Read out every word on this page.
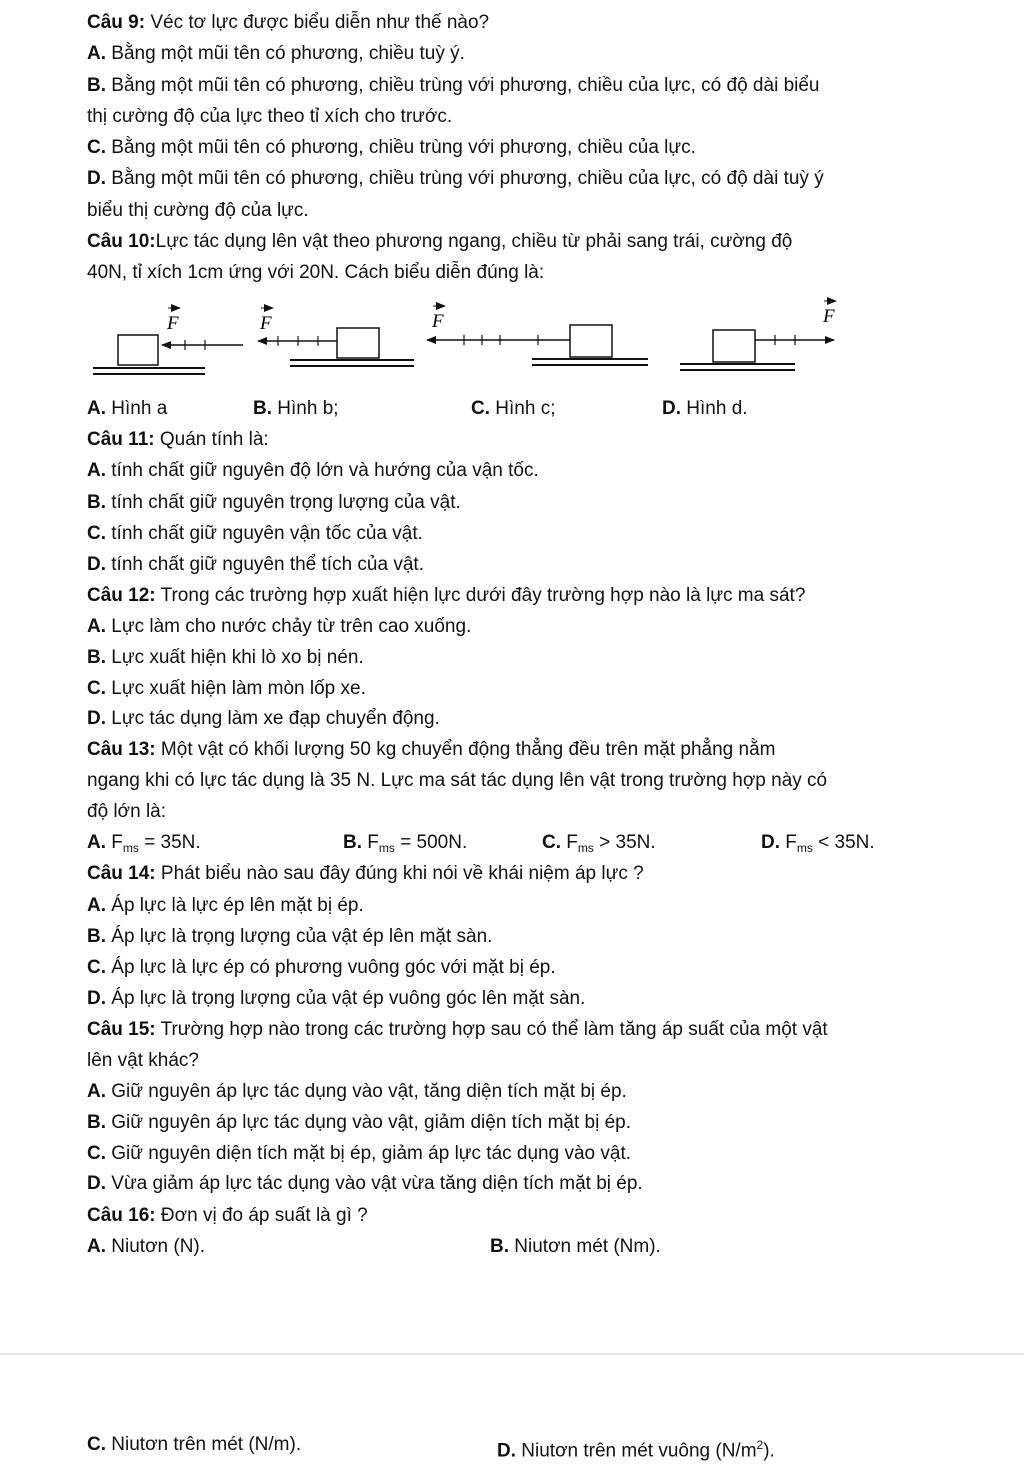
Câu 9: Véc tơ lực được biểu diễn như thế nào?
A. Bằng một mũi tên có phương, chiều tuỳ ý.
B. Bằng một mũi tên có phương, chiều trùng với phương, chiều của lực, có độ dài biểu
thị cường độ của lực theo tỉ xích cho trước.
C. Bằng một mũi tên có phương, chiều trùng với phương, chiều của lực.
D. Bằng một mũi tên có phương, chiều trùng với phương, chiều của lực, có độ dài tuỳ ý
biểu thị cường độ của lực.
Câu 10:Lực tác dụng lên vật theo phương ngang, chiều từ phải sang trái, cường độ
40N, tỉ xích 1cm ứng với 20N. Cách biểu diễn đúng là:
F	F	F	F
A. Hình a	B. Hình b;	C. Hình c;	D. Hình d.
Câu 11: Quán tính là:
A. tính chất giữ nguyên độ lớn và hướng của vận tốc.
B. tính chất giữ nguyên trọng lượng của vật.
C. tính chất giữ nguyên vận tốc của vật.
D. tính chất giữ nguyên thể tích của vật.
Câu 12: Trong các trường hợp xuất hiện lực dưới đây trường hợp nào là lực ma sát?
A. Lực làm cho nước chảy từ trên cao xuống.
B. Lực xuất hiện khi lò xo bị nén.
C. Lực xuất hiện làm mòn lốp xe.
D. Lực tác dụng làm xe đạp chuyển động.
Câu 13: Một vật có khối lượng 50 kg chuyển động thẳng đều trên mặt phẳng nằm
ngang khi có lực tác dụng là 35 N. Lực ma sát tác dụng lên vật trong trường hợp này có
độ lớn là:
A. $F_{ms} = 35N$.	B. $F_{ms} = 500N$.	C. $F_{ms} > 35N$.	D. $F_{ms} < 35N$.
Câu 14: Phát biểu nào sau đây đúng khi nói về khái niệm áp lực ?
A. Áp lực là lực ép lên mặt bị ép.
B. Áp lực là trọng lượng của vật ép lên mặt sàn.
C. Áp lực là lực ép có phương vuông góc với mặt bị ép.
D. Áp lực là trọng lượng của vật ép vuông góc lên mặt sàn.
Câu 15: Trường hợp nào trong các trường hợp sau có thể làm tăng áp suất của một vật
lên vật khác?
A. Giữ nguyên áp lực tác dụng vào vật, tăng diện tích mặt bị ép.
B. Giữ nguyên áp lực tác dụng vào vật, giảm diện tích mặt bị ép.
C. Giữ nguyên diện tích mặt bị ép, giảm áp lực tác dụng vào vật.
D. Vừa giảm áp lực tác dụng vào vật vừa tăng diện tích mặt bị ép.
Câu 16: Đơn vị đo áp suất là gì ?
A. Niutơn (N).	B. Niutơn mét (Nm).
C. Niutơn trên mét (N/m).	D. Niutơn trên mét vuông $(N/m^2)$.
